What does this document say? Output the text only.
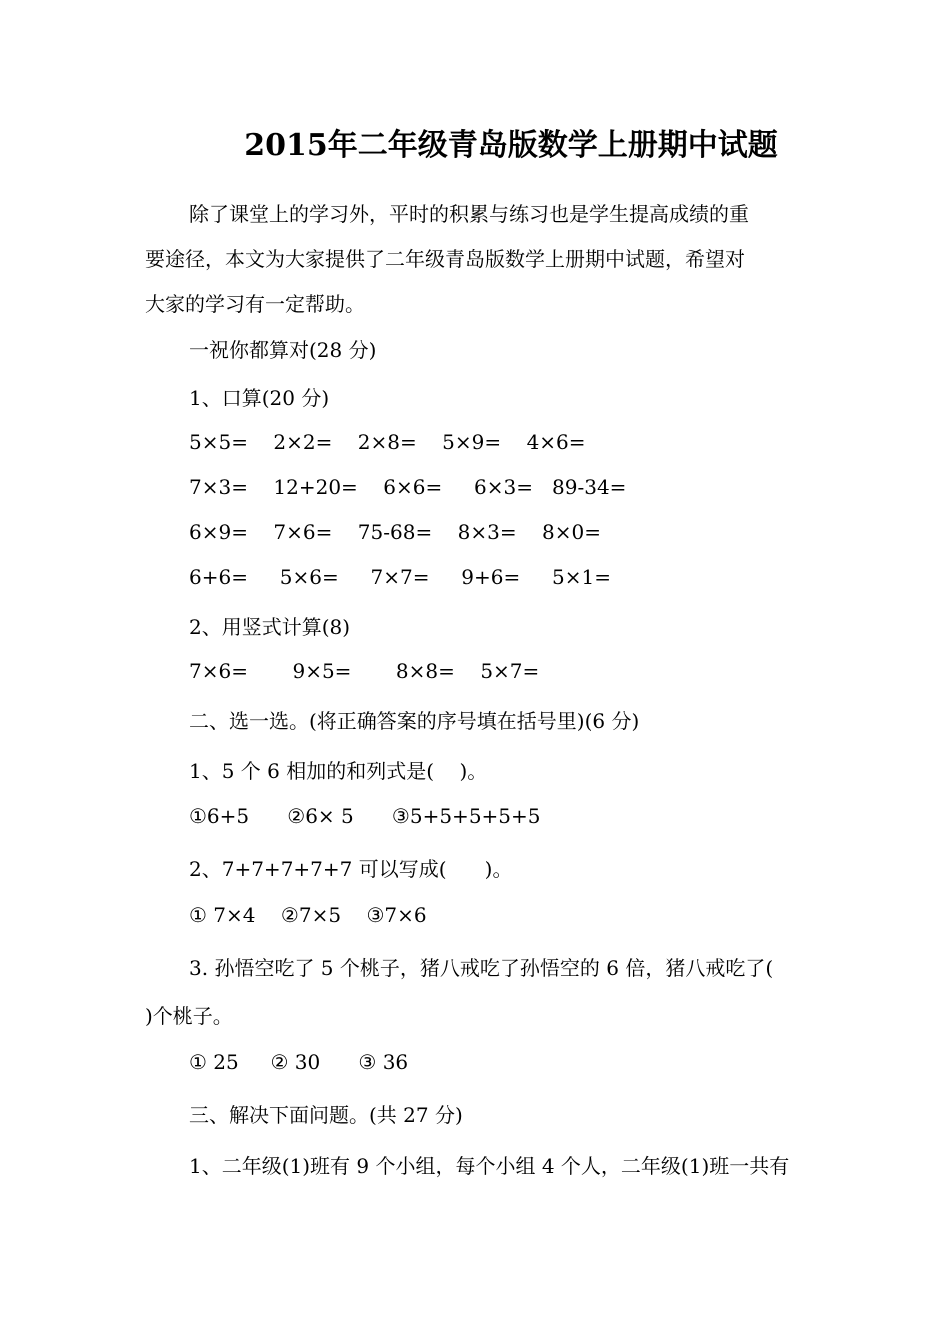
2015年二年级青岛版数学上册期中试题
除了课堂上的学习外，平时的积累与练习也是学生提高成绩的重
要途径，本文为大家提供了二年级青岛版数学上册期中试题，希望对
大家的学习有一定帮助。
一祝你都算对(28 分)
1、口算(20 分)
5×5=    2×2=    2×8=    5×9=    4×6=
7×3=    12+20=    6×6=     6×3=   89-34=
6×9=    7×6=    75-68=    8×3=    8×0=
6+6=     5×6=     7×7=     9+6=     5×1=
2、用竖式计算(8)
7×6=       9×5=       8×8=    5×7=
二、选一选。(将正确答案的序号填在括号里)(6 分)
1、5 个 6 相加的和列式是(    )。
①6+5      ②6× 5      ③5+5+5+5+5
2、7+7+7+7+7 可以写成(      )。
① 7×4    ②7×5    ③7×6
3. 孙悟空吃了 5 个桃子，猪八戒吃了孙悟空的 6 倍，猪八戒吃了(
)个桃子。
① 25     ② 30      ③ 36
三、解决下面问题。(共 27 分)
1、二年级(1)班有 9 个小组，每个小组 4 个人，二年级(1)班一共有
